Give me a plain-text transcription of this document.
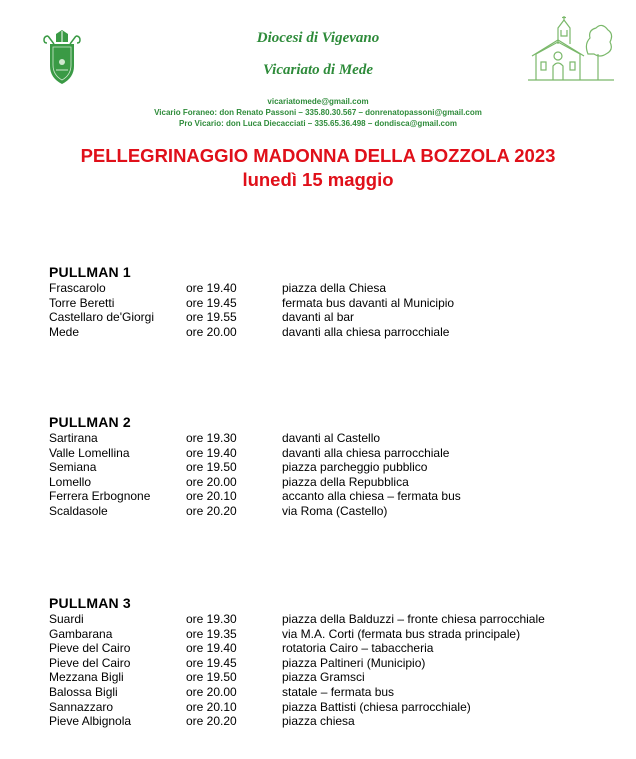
Diocesi di Vigevano
Vicariato di Mede
vicariatomede@gmail.com
Vicario Foraneo: don Renato Passoni – 335.80.30.567 – donrenatopassoni@gmail.com
Pro Vicario: don Luca Diecacciati – 335.65.36.498 – dondisca@gmail.com
PELLEGRINAGGIO MADONNA DELLA BOZZOLA 2023
lunedì 15 maggio
PULLMAN 1
Frascarolo	ore 19.40	piazza della Chiesa
Torre Beretti	ore 19.45	fermata bus davanti al Municipio
Castellaro de'Giorgi	ore 19.55	davanti al bar
Mede	ore 20.00	davanti alla chiesa parrocchiale
PULLMAN 2
Sartirana	ore 19.30	davanti al Castello
Valle Lomellina	ore 19.40	davanti alla chiesa parrocchiale
Semiana	ore 19.50	piazza parcheggio pubblico
Lomello	ore 20.00	piazza della Repubblica
Ferrera Erbognone	ore 20.10	accanto alla chiesa – fermata bus
Scaldasole	ore 20.20	via Roma (Castello)
PULLMAN 3
Suardi	ore 19.30	piazza della Balduzzi – fronte chiesa parrocchiale
Gambarana	ore 19.35	via M.A. Corti (fermata bus strada principale)
Pieve del Cairo	ore 19.40	rotatoria Cairo – tabaccheria
Pieve del Cairo	ore 19.45	piazza Paltineri (Municipio)
Mezzana Bigli	ore 19.50	piazza Gramsci
Balossa Bigli	ore 20.00	statale – fermata bus
Sannazzaro	ore 20.10	piazza Battisti (chiesa parrocchiale)
Pieve Albignola	ore 20.20	piazza chiesa
